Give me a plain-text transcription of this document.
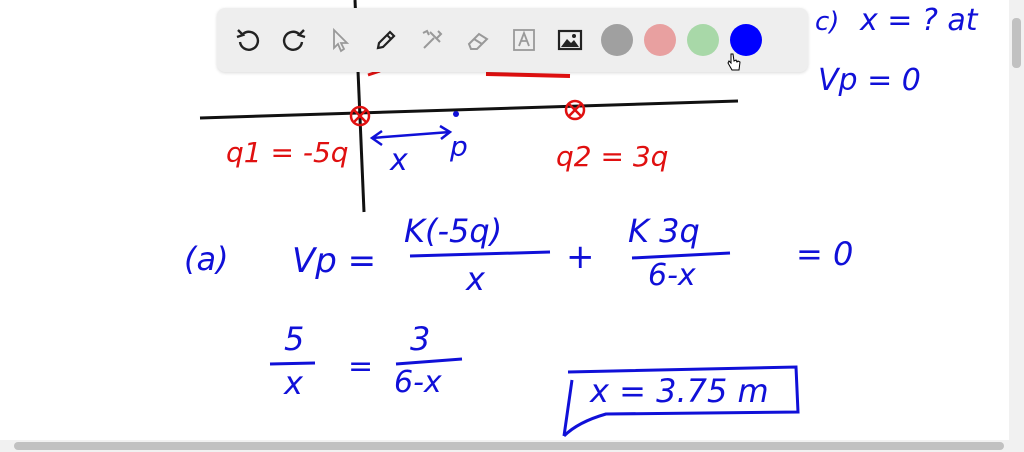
q1 = -5q	q2 = 3q
p
x
c) x = ? at
Vp = 0
(a) Vp =
K(-5q)
x
+
K 3q
6-x
= 0
5
x =
3
6-x	x = 3.75 m
